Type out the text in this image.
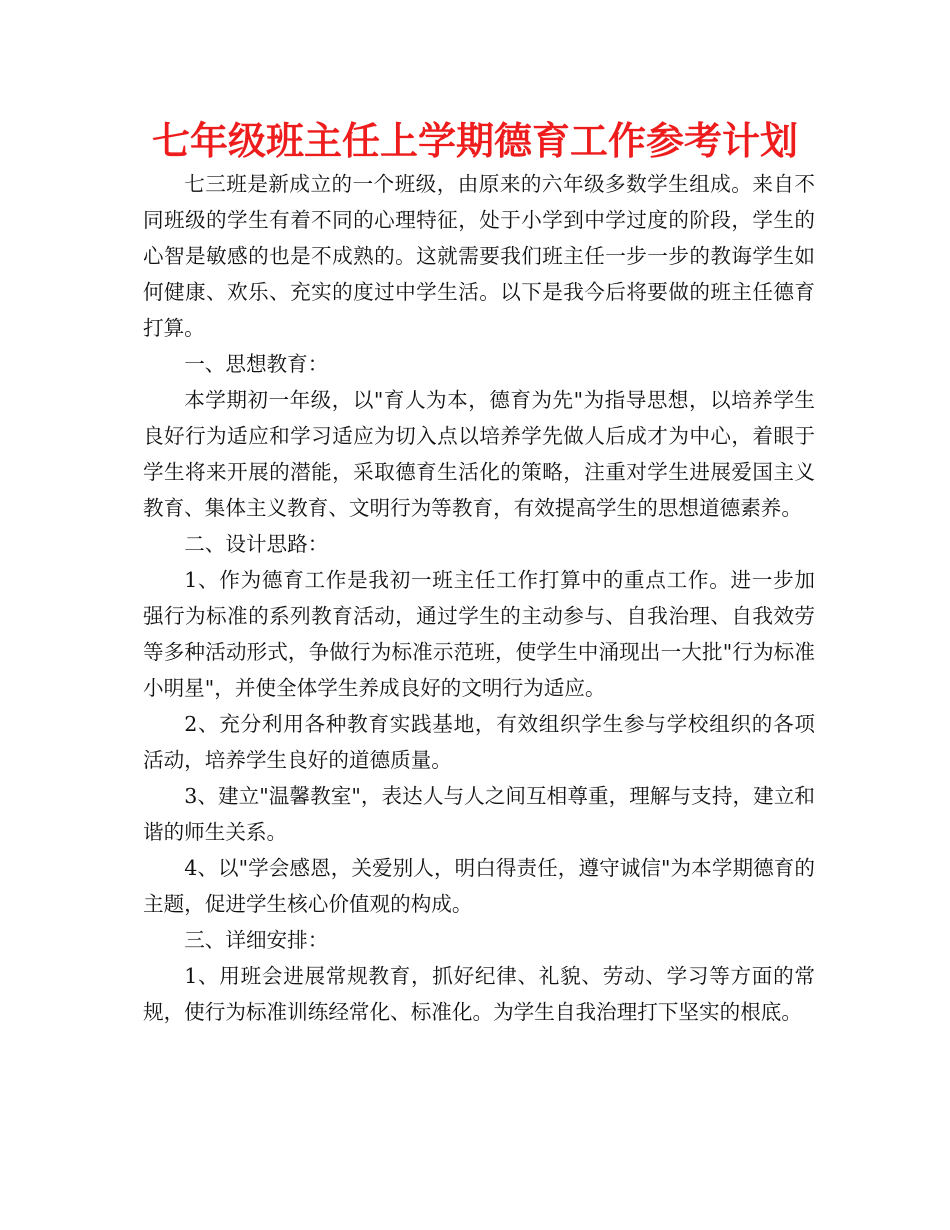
七年级班主任上学期德育工作参考计划

七三班是新成立的一个班级，由原来的六年级多数学生组成。来自不同班级的学生有着不同的心理特征，处于小学到中学过度的阶段，学生的心智是敏感的也是不成熟的。这就需要我们班主任一步一步的教诲学生如何健康、欢乐、充实的度过中学生活。以下是我今后将要做的班主任德育打算。

一、思想教育：

本学期初一年级，以"育人为本，德育为先"为指导思想，以培养学生良好行为适应和学习适应为切入点以培养学先做人后成才为中心，着眼于学生将来开展的潜能，采取德育生活化的策略，注重对学生进展爱国主义教育、集体主义教育、文明行为等教育，有效提高学生的思想道德素养。

二、设计思路：

1、作为德育工作是我初一班主任工作打算中的重点工作。进一步加强行为标准的系列教育活动，通过学生的主动参与、自我治理、自我效劳等多种活动形式，争做行为标准示范班，使学生中涌现出一大批"行为标准小明星"，并使全体学生养成良好的文明行为适应。

2、充分利用各种教育实践基地，有效组织学生参与学校组织的各项活动，培养学生良好的道德质量。

3、建立"温馨教室"，表达人与人之间互相尊重，理解与支持，建立和谐的师生关系。

4、以"学会感恩，关爱别人，明白得责任，遵守诚信"为本学期德育的主题，促进学生核心价值观的构成。

三、详细安排：

1、用班会进展常规教育，抓好纪律、礼貌、劳动、学习等方面的常规，使行为标准训练经常化、标准化。为学生自我治理打下坚实的根底。
